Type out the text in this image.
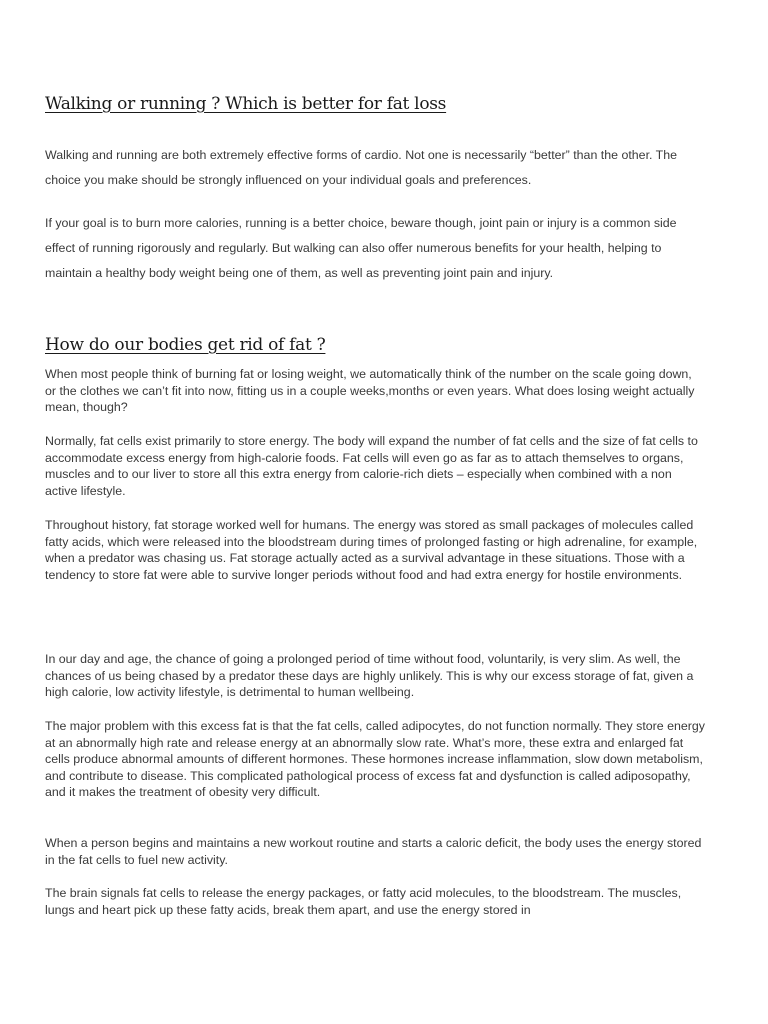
Walking or running ? Which is better for fat loss

Walking and running are both extremely effective forms of cardio. Not one is necessarily “better” than the other. The choice you make should be strongly influenced on your individual goals and preferences.

If your goal is to burn more calories, running is a better choice, beware though, joint pain or injury is a common side effect of running rigorously and regularly. But walking can also offer numerous benefits for your health, helping to maintain a healthy body weight being one of them, as well as preventing joint pain and injury.

How do our bodies get rid of fat ?

When most people think of burning fat or losing weight, we automatically think of the number on the scale going down, or the clothes we can’t fit into now, fitting us in a couple weeks,months or even years. What does losing weight actually mean, though?

Normally, fat cells exist primarily to store energy. The body will expand the number of fat cells and the size of fat cells to accommodate excess energy from high-calorie foods. Fat cells will even go as far as to attach themselves to organs, muscles and to our liver to store all this extra energy from calorie-rich diets – especially when combined with a non active lifestyle.

Throughout history, fat storage worked well for humans. The energy was stored as small packages of molecules called fatty acids, which were released into the bloodstream during times of prolonged fasting or high adrenaline, for example, when a predator was chasing us. Fat storage actually acted as a survival advantage in these situations. Those with a tendency to store fat were able to survive longer periods without food and had extra energy for hostile environments.

In our day and age, the chance of going a prolonged period of time without food, voluntarily, is very slim. As well, the chances of us being chased by a predator these days are highly unlikely. This is why our excess storage of fat, given a high calorie, low activity lifestyle, is detrimental to human wellbeing.

The major problem with this excess fat is that the fat cells, called adipocytes, do not function normally. They store energy at an abnormally high rate and release energy at an abnormally slow rate. What’s more, these extra and enlarged fat cells produce abnormal amounts of different hormones. These hormones increase inflammation, slow down metabolism, and contribute to disease. This complicated pathological process of excess fat and dysfunction is called adiposopathy, and it makes the treatment of obesity very difficult.

When a person begins and maintains a new workout routine and starts a caloric deficit, the body uses the energy stored in the fat cells to fuel new activity.

The brain signals fat cells to release the energy packages, or fatty acid molecules, to the bloodstream. The muscles, lungs and heart pick up these fatty acids, break them apart, and use the energy stored in
